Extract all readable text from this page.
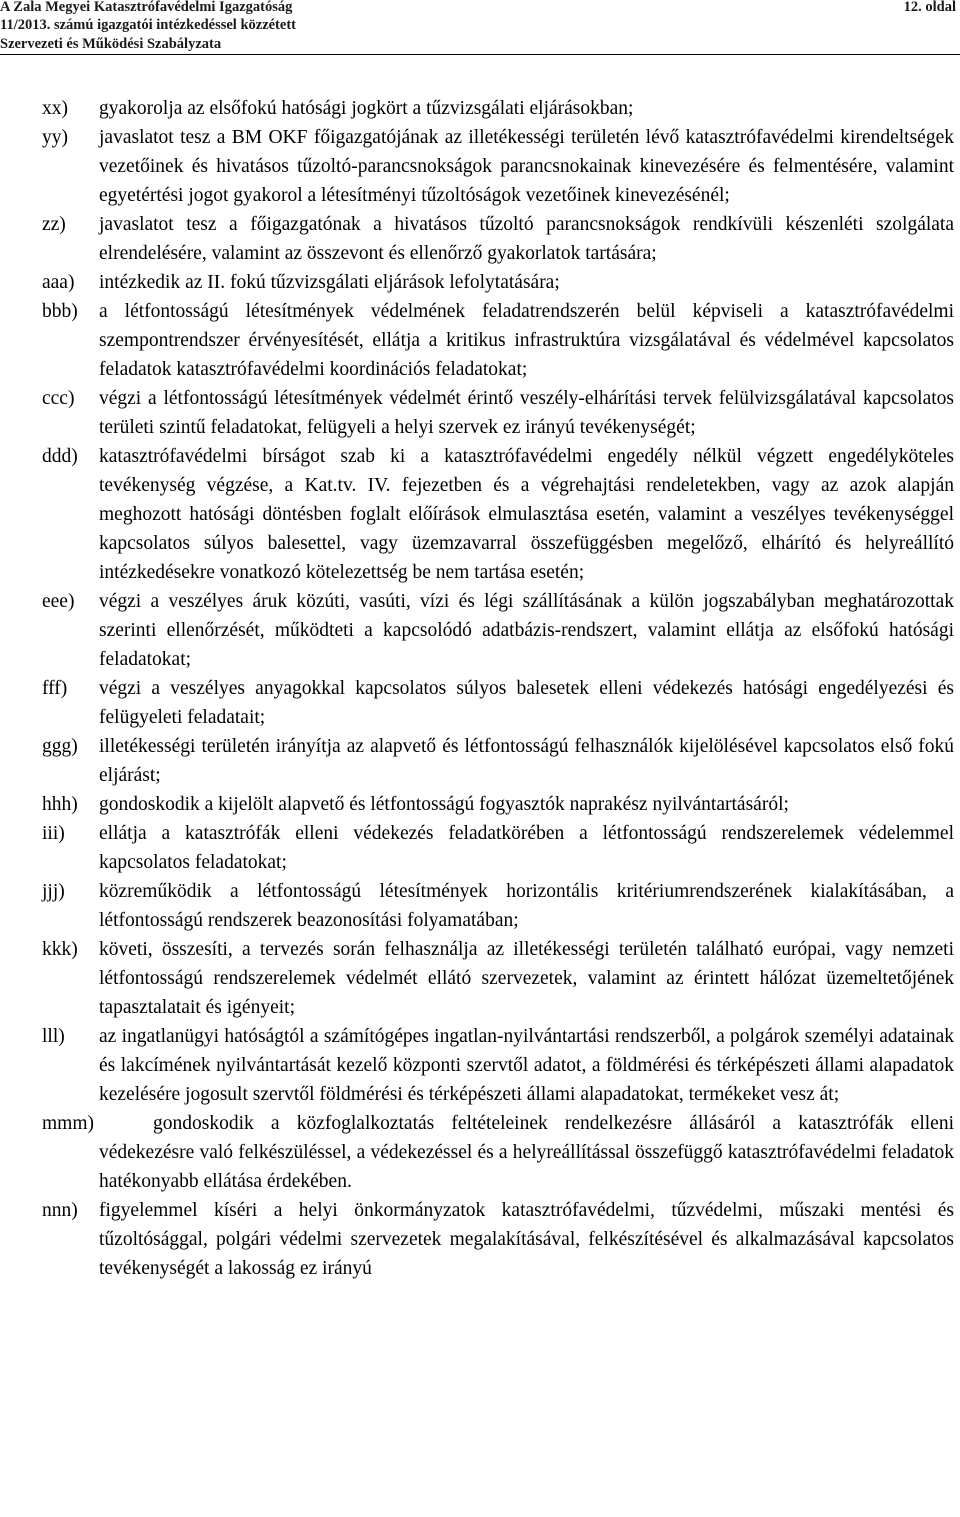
A Zala Megyei Katasztrófavédelmi Igazgatóság	12. oldal
11/2013. számú igazgatói intézkedéssel közzétett
Szervezeti és Működési Szabályzata
xx) gyakorolja az elsőfokú hatósági jogkört a tűzvizsgálati eljárásokban;
yy) javaslatot tesz a BM OKF főigazgatójának az illetékességi területén lévő katasztrófavédelmi kirendeltségek vezetőinek és hivatásos tűzoltó-parancsnokságok parancsnokainak kinevezésére és felmentésére, valamint egyetértési jogot gyakorol a létesítményi tűzoltóságok vezetőinek kinevezésénél;
zz) javaslatot tesz a főigazgatónak a hivatásos tűzoltó parancsnokságok rendkívüli készenléti szolgálata elrendelésére, valamint az összevont és ellenőrző gyakorlatok tartására;
aaa) intézkedik az II. fokú tűzvizsgálati eljárások lefolytatására;
bbb) a létfontosságú létesítmények védelmének feladatrendszerén belül képviseli a katasztrófavédelmi szempontrendszer érvényesítését, ellátja a kritikus infrastruktúra vizsgálatával és védelmével kapcsolatos feladatok katasztrófavédelmi koordinációs feladatokat;
ccc) végzi a létfontosságú létesítmények védelmét érintő veszély-elhárítási tervek felülvizsgálatával kapcsolatos területi szintű feladatokat, felügyeli a helyi szervek ez irányú tevékenységét;
ddd) katasztrófavédelmi bírságot szab ki a katasztrófavédelmi engedély nélkül végzett engedélyköteles tevékenység végzése, a Kat.tv. IV. fejezetben és a végrehajtási rendeletekben, vagy az azok alapján meghozott hatósági döntésben foglalt előírások elmulasztása esetén, valamint a veszélyes tevékenységgel kapcsolatos súlyos balesettel, vagy üzemzavarral összefüggésben megelőző, elhárító és helyreállító intézkedésekre vonatkozó kötelezettség be nem tartása esetén;
eee) végzi a veszélyes áruk közúti, vasúti, vízi és légi szállításának a külön jogszabályban meghatározottak szerinti ellenőrzését, működteti a kapcsolódó adatbázis-rendszert, valamint ellátja az elsőfokú hatósági feladatokat;
fff) végzi a veszélyes anyagokkal kapcsolatos súlyos balesetek elleni védekezés hatósági engedélyezési és felügyeleti feladatait;
ggg) illetékességi területén irányítja az alapvető és létfontosságú felhasználók kijelölésével kapcsolatos első fokú eljárást;
hhh) gondoskodik a kijelölt alapvető és létfontosságú fogyasztók naprakész nyilvántartásáról;
iii) ellátja a katasztrófák elleni védekezés feladatkörében a létfontosságú rendszerelemek védelemmel kapcsolatos feladatokat;
jjj) közreműködik a létfontosságú létesítmények horizontális kritériumrendszerének kialakításában, a létfontosságú rendszerek beazonosítási folyamatában;
kkk) követi, összesíti, a tervezés során felhasználja az illetékességi területén található európai, vagy nemzeti létfontosságú rendszerelemek védelmét ellátó szervezetek, valamint az érintett hálózat üzemeltetőjének tapasztalatait és igényeit;
lll) az ingatlanügyi hatóságtól a számítógépes ingatlan-nyilvántartási rendszerből, a polgárok személyi adatainak és lakcímének nyilvántartását kezelő központi szervtől adatot, a földmérési és térképészeti állami alapadatok kezelésére jogosult szervtől földmérési és térképészeti állami alapadatokat, termékeket vesz át;
mmm)	gondoskodik a közfoglalkoztatás feltételeinek rendelkezésre állásáról a katasztrófák elleni védekezésre való felkészüléssel, a védekezéssel és a helyreállítással összefüggő katasztrófavédelmi feladatok hatékonyabb ellátása érdekében.
nnn) figyelemmel kíséri a helyi önkormányzatok katasztrófavédelmi, tűzvédelmi, műszaki mentési és tűzoltósággal, polgári védelmi szervezetek megalakításával, felkészítésével és alkalmazásával kapcsolatos tevékenységét a lakosság ez irányú
